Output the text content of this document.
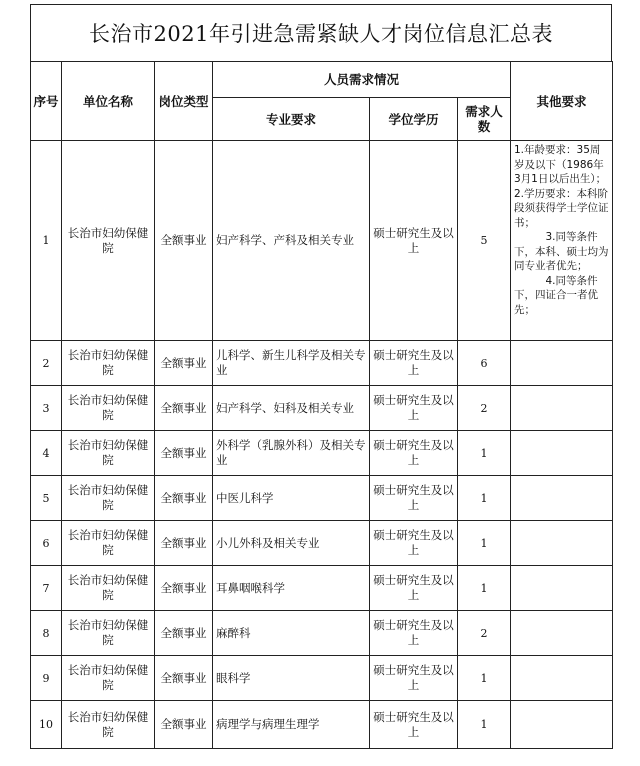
长治市2021年引进急需紧缺人才岗位信息汇总表
序号	单位名称	岗位类型	人员需求情况			其他要求
			专业要求	学位学历	需求人数	
1	长治市妇幼保健院	全额事业	妇产科学、产科及相关专业	硕士研究生及以上	5	1.年龄要求：35周岁及以下（1986年3月1日以后出生）；
2.学历要求：本科阶段须获得学士学位证书；
3.同等条件下，本科、硕士均为同专业者优先；
4.同等条件下，四证合一者优先；

2	长治市妇幼保健院	全额事业	儿科学、新生儿科学及相关专业	硕士研究生及以上	6	
3	长治市妇幼保健院	全额事业	妇产科学、妇科及相关专业	硕士研究生及以上	2	
4	长治市妇幼保健院	全额事业	外科学（乳腺外科）及相关专业	硕士研究生及以上	1	
5	长治市妇幼保健院	全额事业	中医儿科学	硕士研究生及以上	1	
6	长治市妇幼保健院	全额事业	小儿外科及相关专业	硕士研究生及以上	1	
7	长治市妇幼保健院	全额事业	耳鼻咽喉科学	硕士研究生及以上	1	
8	长治市妇幼保健院	全额事业	麻醉科	硕士研究生及以上	2	
9	长治市妇幼保健院	全额事业	眼科学	硕士研究生及以上	1	
10	长治市妇幼保健院	全额事业	病理学与病理生理学	硕士研究生及以上	1	
